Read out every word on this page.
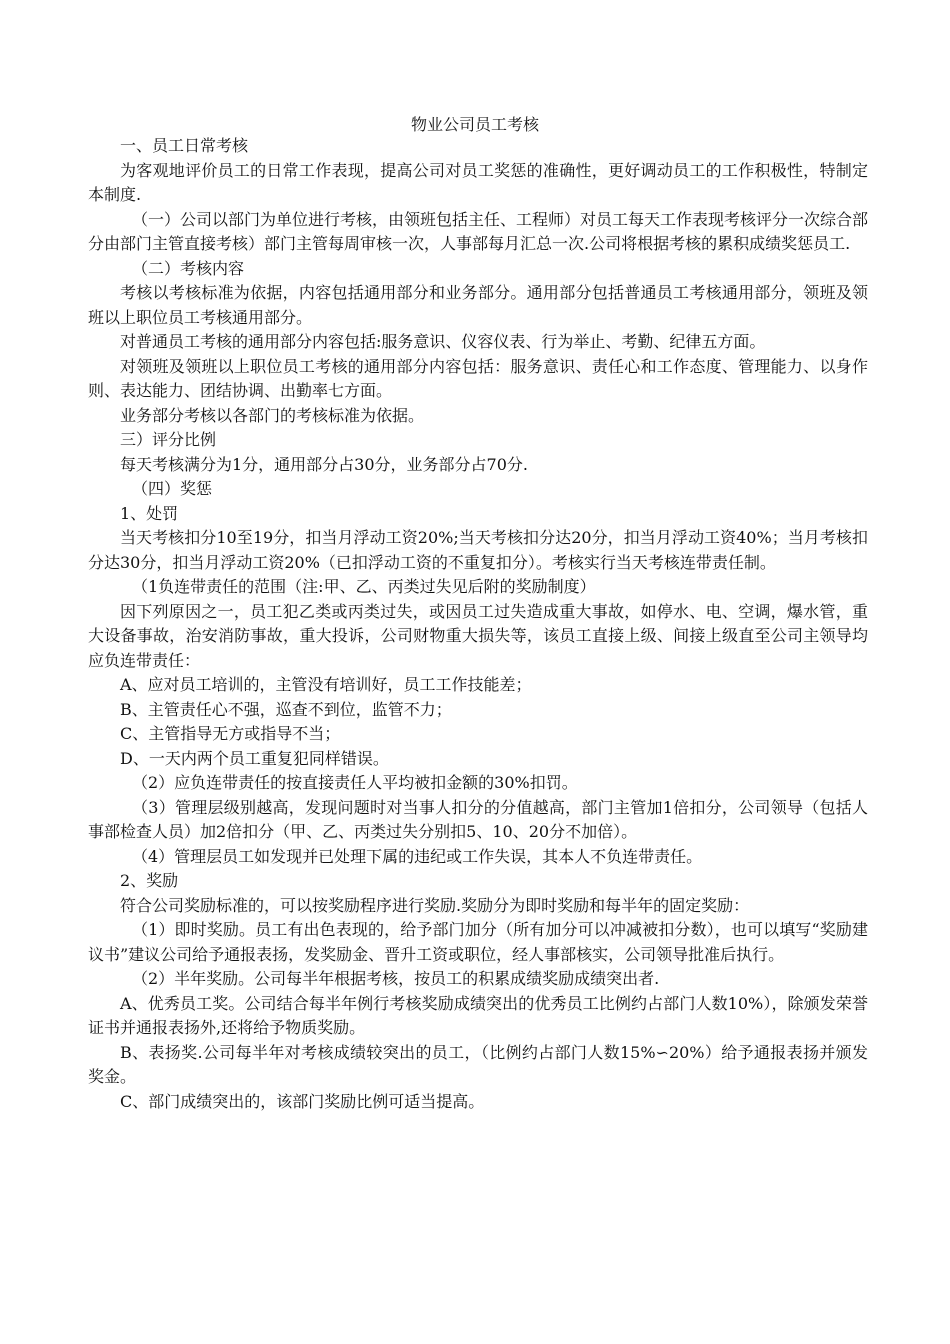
物业公司员工考核

一、员工日常考核

为客观地评价员工的日常工作表现，提高公司对员工奖惩的准确性，更好调动员工的工作积极性，特制定本制度.

（一）公司以部门为单位进行考核，由领班包括主任、工程师）对员工每天工作表现考核评分一次综合部分由部门主管直接考核）部门主管每周审核一次，人事部每月汇总一次.公司将根据考核的累积成绩奖惩员工.

（二）考核内容

考核以考核标准为依据，内容包括通用部分和业务部分。通用部分包括普通员工考核通用部分，领班及领班以上职位员工考核通用部分。

对普通员工考核的通用部分内容包括:服务意识、仪容仪表、行为举止、考勤、纪律五方面。

对领班及领班以上职位员工考核的通用部分内容包括：服务意识、责任心和工作态度、管理能力、以身作则、表达能力、团结协调、出勤率七方面。

业务部分考核以各部门的考核标准为依据。

三）评分比例

每天考核满分为1分，通用部分占30分，业务部分占70分.

（四）奖惩

1、处罚

当天考核扣分10至19分，扣当月浮动工资20%;当天考核扣分达20分，扣当月浮动工资40%；当月考核扣分达30分，扣当月浮动工资20%（已扣浮动工资的不重复扣分）。考核实行当天考核连带责任制。

（1负连带责任的范围（注:甲、乙、丙类过失见后附的奖励制度）

因下列原因之一，员工犯乙类或丙类过失，或因员工过失造成重大事故，如停水、电、空调，爆水管，重大设备事故，治安消防事故，重大投诉，公司财物重大损失等，该员工直接上级、间接上级直至公司主领导均应负连带责任：

A、应对员工培训的，主管没有培训好，员工工作技能差；

B、主管责任心不强，巡查不到位，监管不力；

C、主管指导无方或指导不当；

D、一天内两个员工重复犯同样错误。

（2）应负连带责任的按直接责任人平均被扣金额的30%扣罚。

（3）管理层级别越高，发现问题时对当事人扣分的分值越高，部门主管加1倍扣分，公司领导（包括人事部检查人员）加2倍扣分（甲、乙、丙类过失分别扣5、10、20分不加倍）。

（4）管理层员工如发现并已处理下属的违纪或工作失误，其本人不负连带责任。

2、奖励

符合公司奖励标准的，可以按奖励程序进行奖励.奖励分为即时奖励和每半年的固定奖励：

（1）即时奖励。员工有出色表现的，给予部门加分（所有加分可以冲减被扣分数），也可以填写“奖励建议书”建议公司给予通报表扬，发奖励金、晋升工资或职位，经人事部核实，公司领导批准后执行。

（2）半年奖励。公司每半年根据考核，按员工的积累成绩奖励成绩突出者.

A、优秀员工奖。公司结合每半年例行考核奖励成绩突出的优秀员工比例约占部门人数10%），除颁发荣誉证书并通报表扬外,还将给予物质奖励。

B、表扬奖.公司每半年对考核成绩较突出的员工，（比例约占部门人数15%∽20%）给予通报表扬并颁发奖金。

C、部门成绩突出的，该部门奖励比例可适当提高。
